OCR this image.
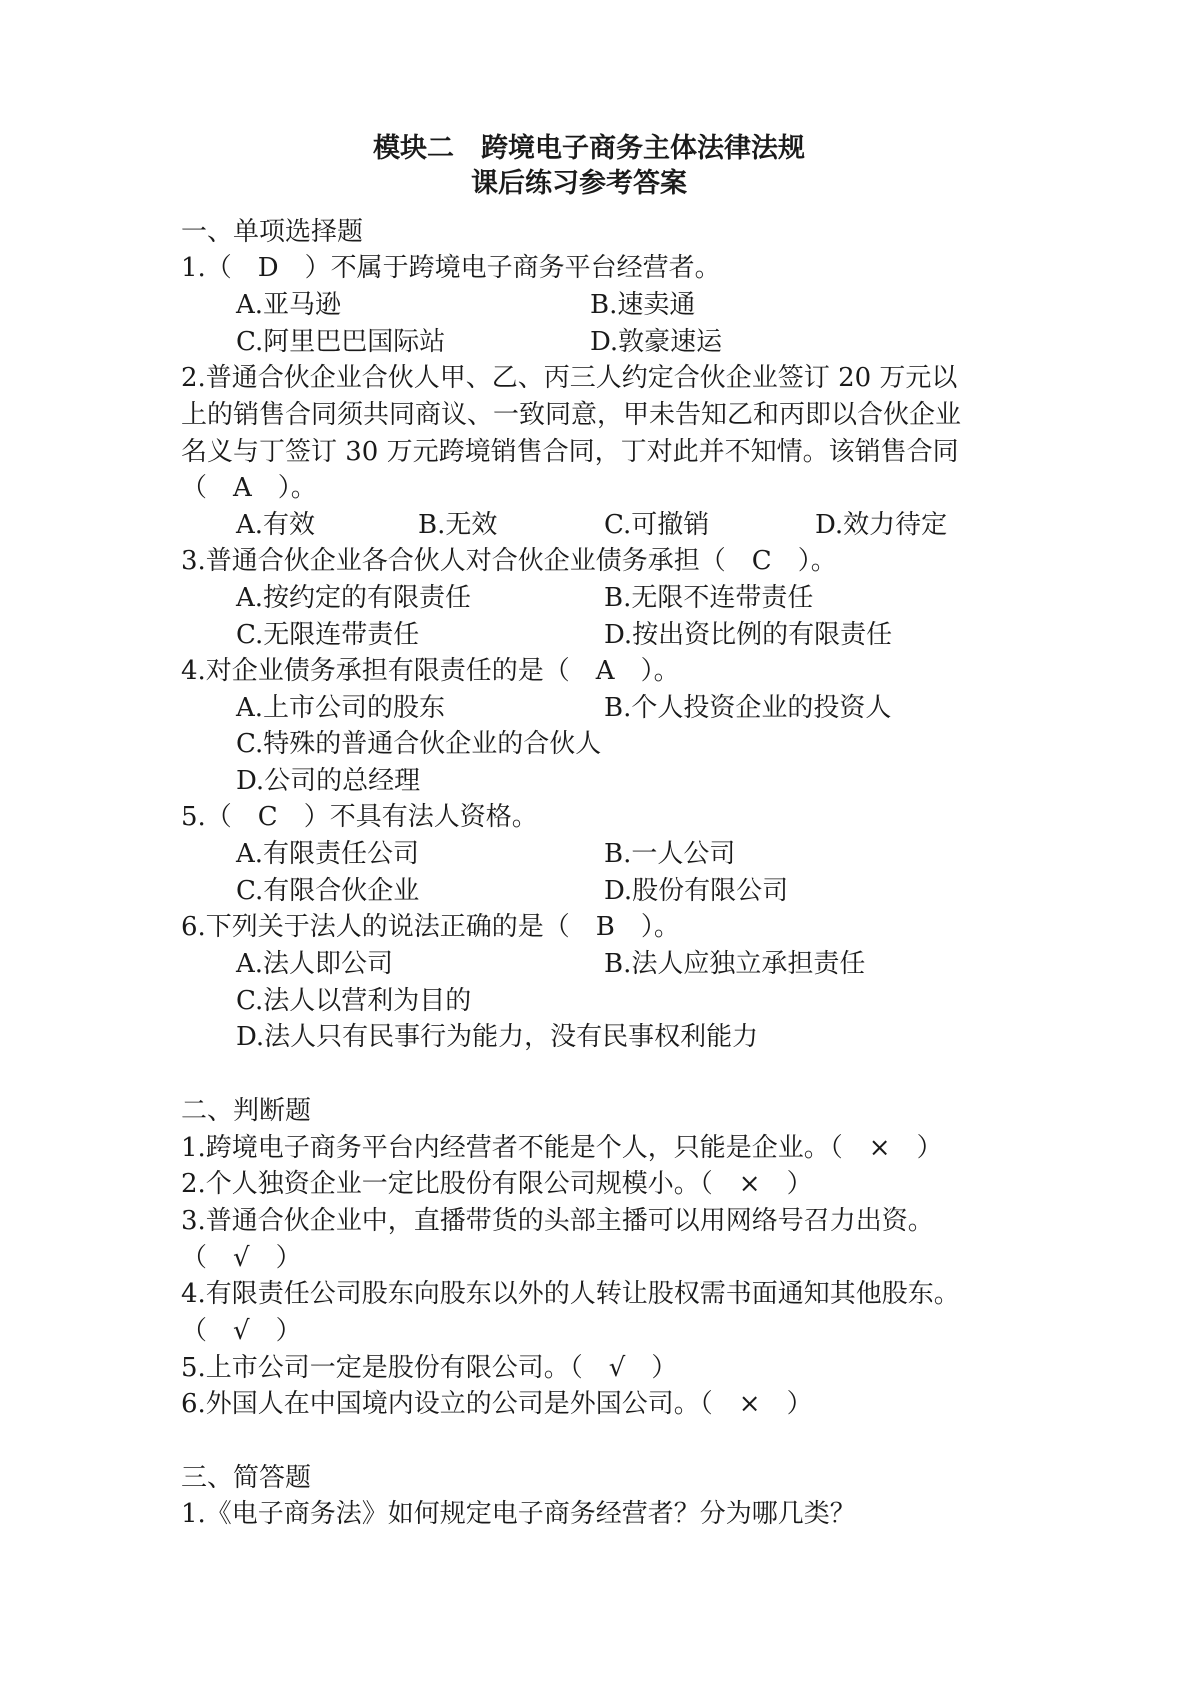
模块二　跨境电子商务主体法律法规
课后练习参考答案
一、单项选择题
1.（　D　）不属于跨境电子商务平台经营者。
A.亚马逊	B.速卖通
C.阿里巴巴国际站	D.敦豪速运
2.普通合伙企业合伙人甲、乙、丙三人约定合伙企业签订 20 万元以
上的销售合同须共同商议、一致同意，甲未告知乙和丙即以合伙企业
名义与丁签订 30 万元跨境销售合同，丁对此并不知情。该销售合同
（　A　）。
A.有效	B.无效	C.可撤销	D.效力待定
3.普通合伙企业各合伙人对合伙企业债务承担（　C　）。
A.按约定的有限责任	B.无限不连带责任
C.无限连带责任	D.按出资比例的有限责任
4.对企业债务承担有限责任的是（　A　）。
A.上市公司的股东	B.个人投资企业的投资人
C.特殊的普通合伙企业的合伙人
D.公司的总经理
5.（　C　）不具有法人资格。
A.有限责任公司	B.一人公司
C.有限合伙企业	D.股份有限公司
6.下列关于法人的说法正确的是（　B　）。
A.法人即公司	B.法人应独立承担责任
C.法人以营利为目的
D.法人只有民事行为能力，没有民事权利能力
二、判断题
1.跨境电子商务平台内经营者不能是个人，只能是企业。（　×　）
2.个人独资企业一定比股份有限公司规模小。（　×　）
3.普通合伙企业中，直播带货的头部主播可以用网络号召力出资。
（　√　）
4.有限责任公司股东向股东以外的人转让股权需书面通知其他股东。
（　√　）
5.上市公司一定是股份有限公司。（　√　）
6.外国人在中国境内设立的公司是外国公司。（　×　）
三、简答题
1.《电子商务法》如何规定电子商务经营者？分为哪几类？
